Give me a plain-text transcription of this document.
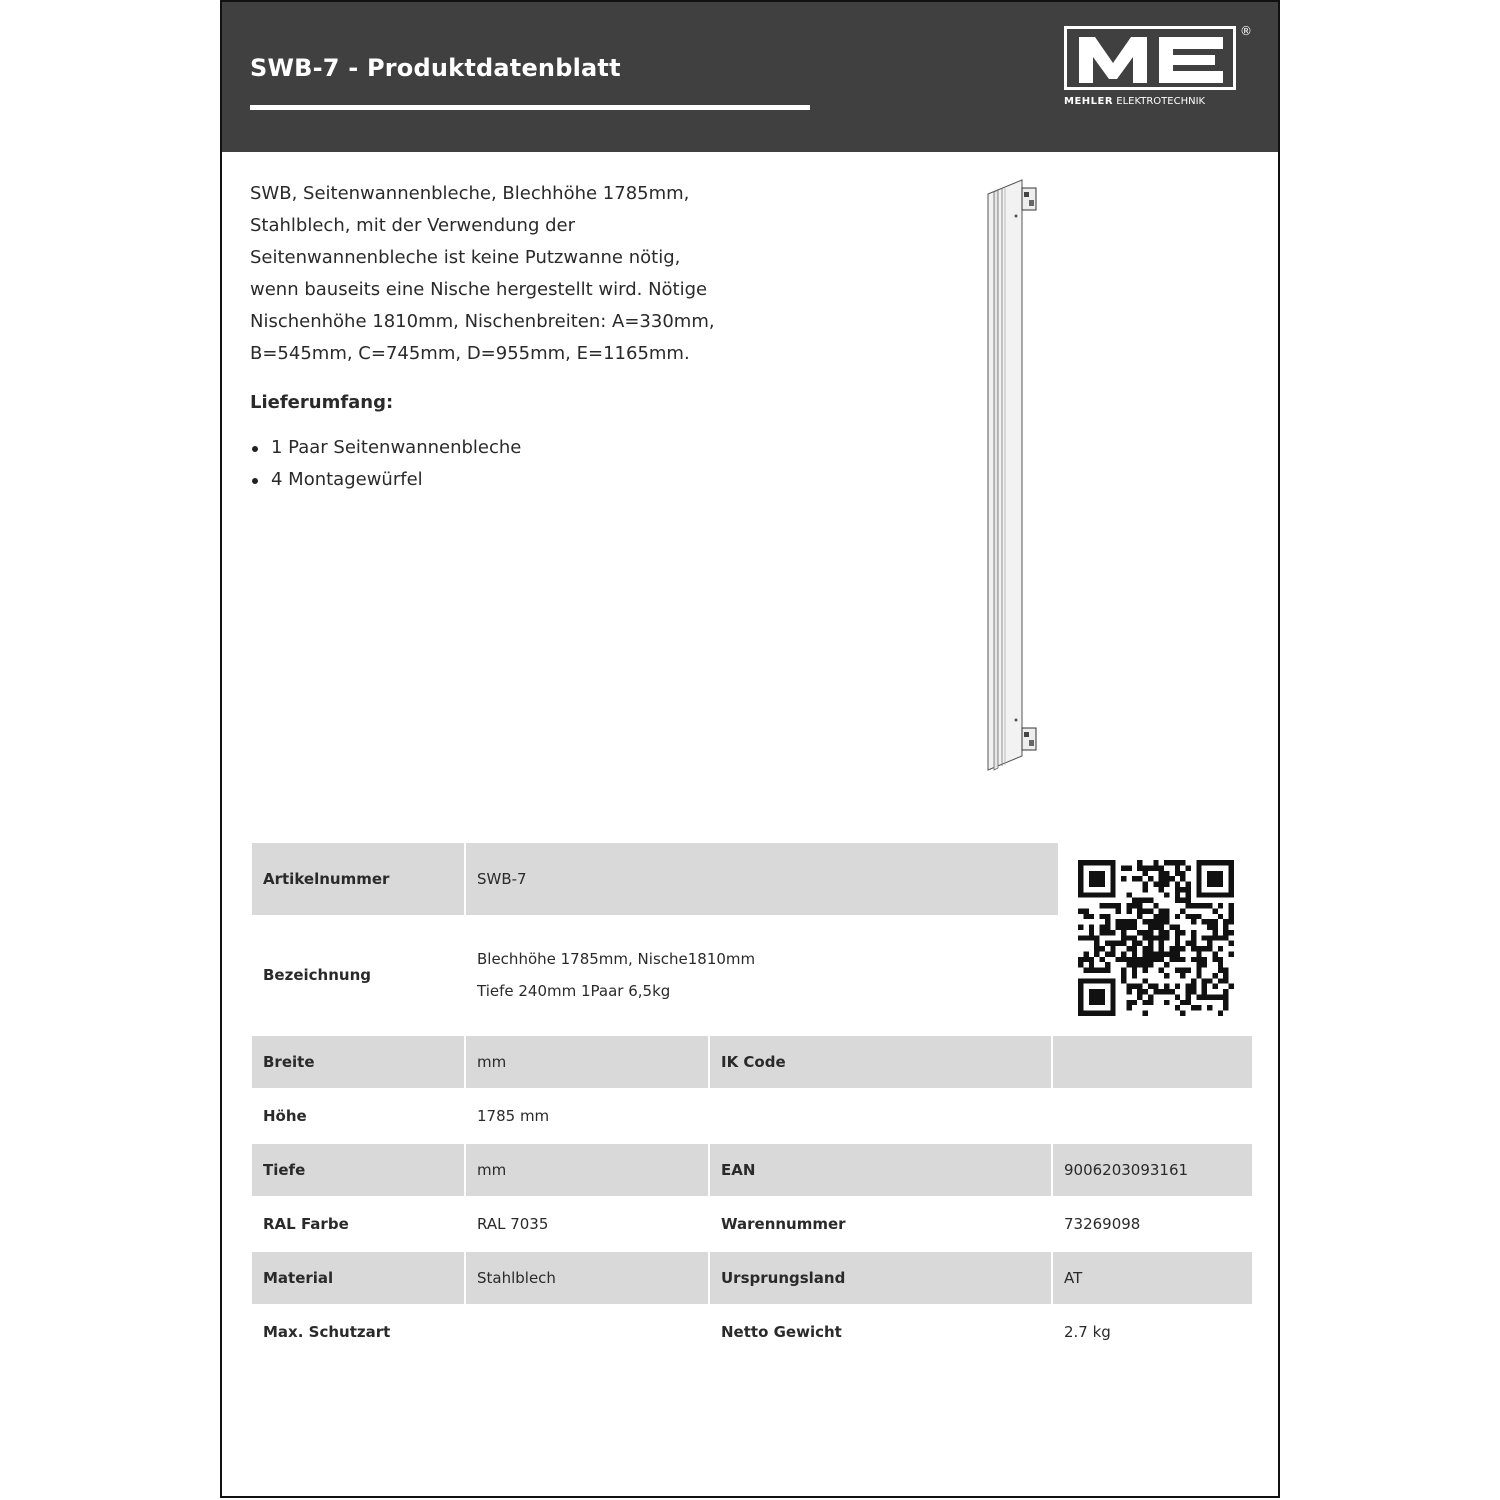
SWB-7 - Produktdatenblatt
®
MEHLER ELEKTROTECHNIK
SWB, Seitenwannenbleche, Blechhöhe 1785mm,
Stahlblech, mit der Verwendung der
Seitenwannenbleche ist keine Putzwanne nötig,
wenn bauseits eine Nische hergestellt wird. Nötige
Nischenhöhe 1810mm, Nischenbreiten: A=330mm,
B=545mm, C=745mm, D=955mm, E=1165mm.
Lieferumfang:
1 Paar Seitenwannenbleche
4 Montagewürfel
Artikelnummer	SWB-7
Bezeichnung	Blechhöhe 1785mm, Nische1810mm
Tiefe 240mm 1Paar 6,5kg
Breite	mm	IK Code	
Höhe	1785 mm		
Tiefe	mm	EAN	9006203093161
RAL Farbe	RAL 7035	Warennummer	73269098
Material	Stahlblech	Ursprungsland	AT
Max. Schutzart		Netto Gewicht	2.7 kg
